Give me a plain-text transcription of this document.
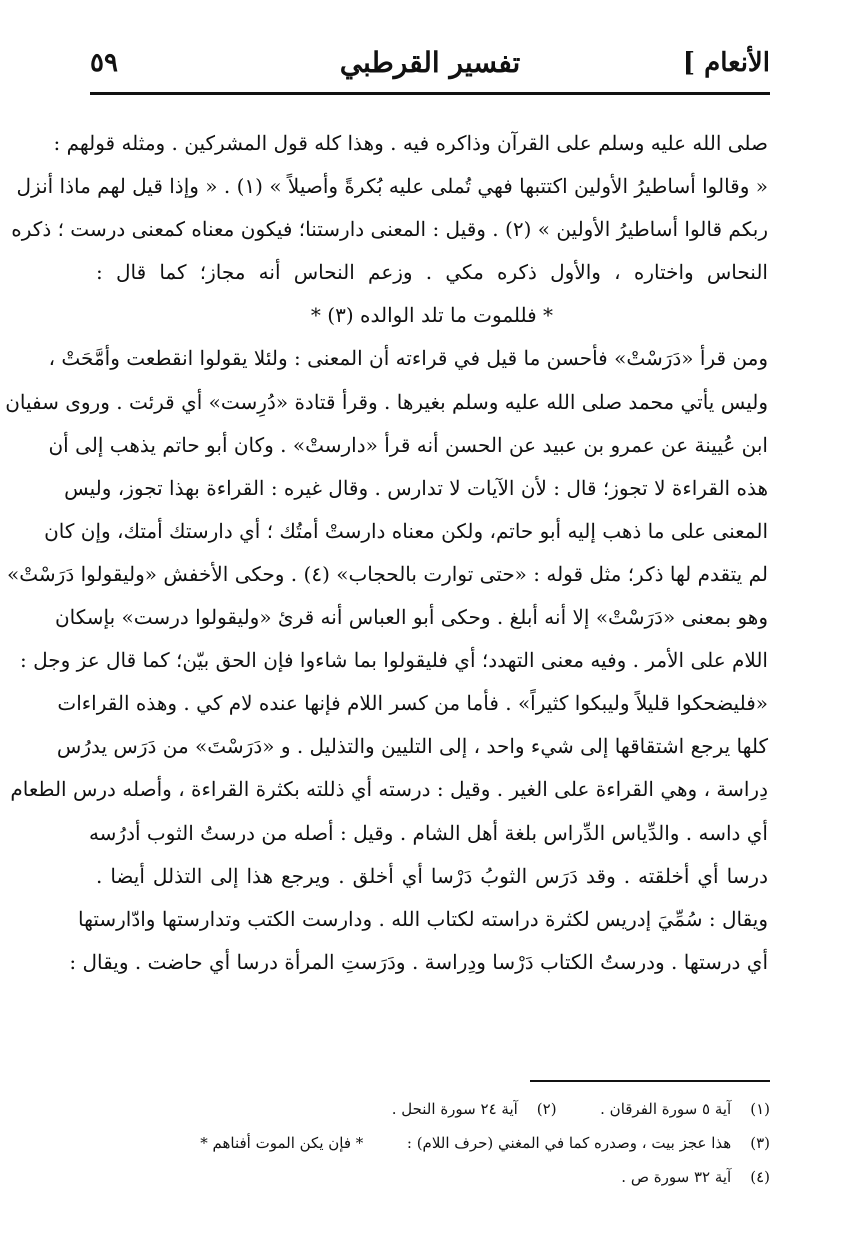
الأنعام ]
تفسير القرطبي
٥٩
صلى الله عليه وسلم على القرآن وذاكره فيه . وهذا كله قول المشركين . ومثله قولهم :
« وقالوا أساطيرُ الأولين اكتتبها فهي تُملى عليه بُكرةً وأصيلاً » (١) . « وإذا قيل لهم ماذا أنزل
ربكم قالوا أساطيرُ الأولين » (٢) . وقيل : المعنى دارستنا؛ فيكون معناه كمعنى درست ؛ ذكره
النحاس واختاره ، والأول ذكره مكي . وزعم النحاس أنه مجاز؛ كما قال :
* فللموت ما تلد الوالده (٣) *
ومن قرأ «دَرَسْتْ» فأحسن ما قيل في قراءته أن المعنى : ولئلا يقولوا انقطعت وأمَّحَتْ ،
وليس يأتي محمد صلى الله عليه وسلم بغيرها . وقرأ قتادة «دُرِست» أي قرئت . وروى سفيان
ابن عُيينة عن عمرو بن عبيد عن الحسن أنه قرأ «دارستْ» . وكان أبو حاتم يذهب إلى أن
هذه القراءة لا تجوز؛ قال : لأن الآيات لا تدارس . وقال غيره : القراءة بهذا تجوز، وليس
المعنى على ما ذهب إليه أبو حاتم، ولكن معناه دارستْ أمتُك ؛ أي دارستك أمتك، وإن كان
لم يتقدم لها ذكر؛ مثل قوله : «حتى توارت بالحجاب» (٤) . وحكى الأخفش «وليقولوا دَرَسْتْ»
وهو بمعنى «دَرَسْتْ» إلا أنه أبلغ . وحكى أبو العباس أنه قرئ «وليقولوا درست» بإسكان
اللام على الأمر . وفيه معنى التهدد؛ أي فليقولوا بما شاءوا فإن الحق بيّن؛ كما قال عز وجل :
«فليضحكوا قليلاً وليبكوا كثيراً» . فأما من كسر اللام فإنها عنده لام كي . وهذه القراءات
كلها يرجع اشتقاقها إلى شيء واحد ، إلى التليين والتذليل . و «دَرَسْتَ» من دَرَس يدرُس
دِراسة ، وهي القراءة على الغير . وقيل : درسته أي ذللته بكثرة القراءة ، وأصله درس الطعام
أي داسه . والدِّياس الدِّراس بلغة أهل الشام . وقيل : أصله من درستُ الثوب أدرُسه
درسا أي أخلقته . وقد دَرَس الثوبُ دَرْسا أي أخلق . ويرجع هذا إلى التذلل أيضا .
ويقال : سُمِّيَ إدريس لكثرة دراسته لكتاب الله . ودارست الكتب وتدارستها وادّارستها
أي درستها . ودرستُ الكتاب دَرْسا ودِراسة . ودَرَستِ المرأة درسا أي حاضت . ويقال :
(١) آية ٥ سورة الفرقان .  (٢) آية ٢٤ سورة النحل .
(٣) هذا عجز بيت ، وصدره كما في المغني (حرف اللام) :  * فإن يكن الموت أفناهم *
(٤) آية ٣٢ سورة ص .
